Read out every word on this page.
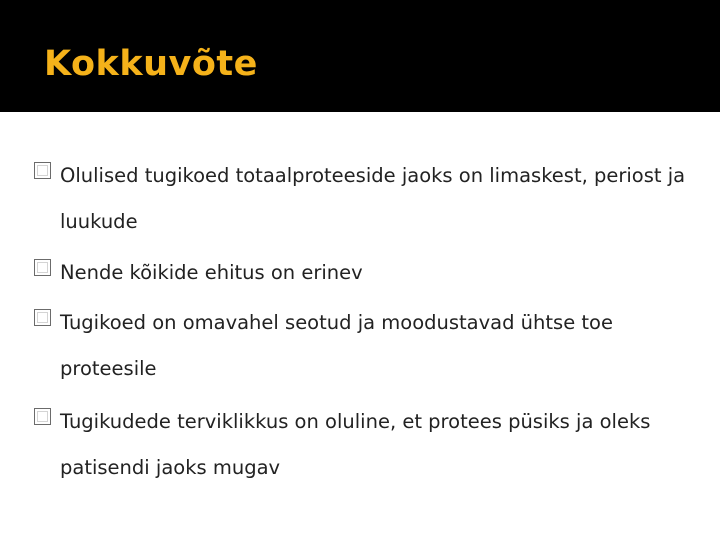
Kokkuvõte
Olulised tugikoed totaalproteeside jaoks on limaskest, periost ja luukude
Nende kõikide ehitus on erinev
Tugikoed on omavahel seotud ja moodustavad ühtse toe proteesile
Tugikudede terviklikkus on oluline, et protees püsiks ja oleks patisendi jaoks mugav
